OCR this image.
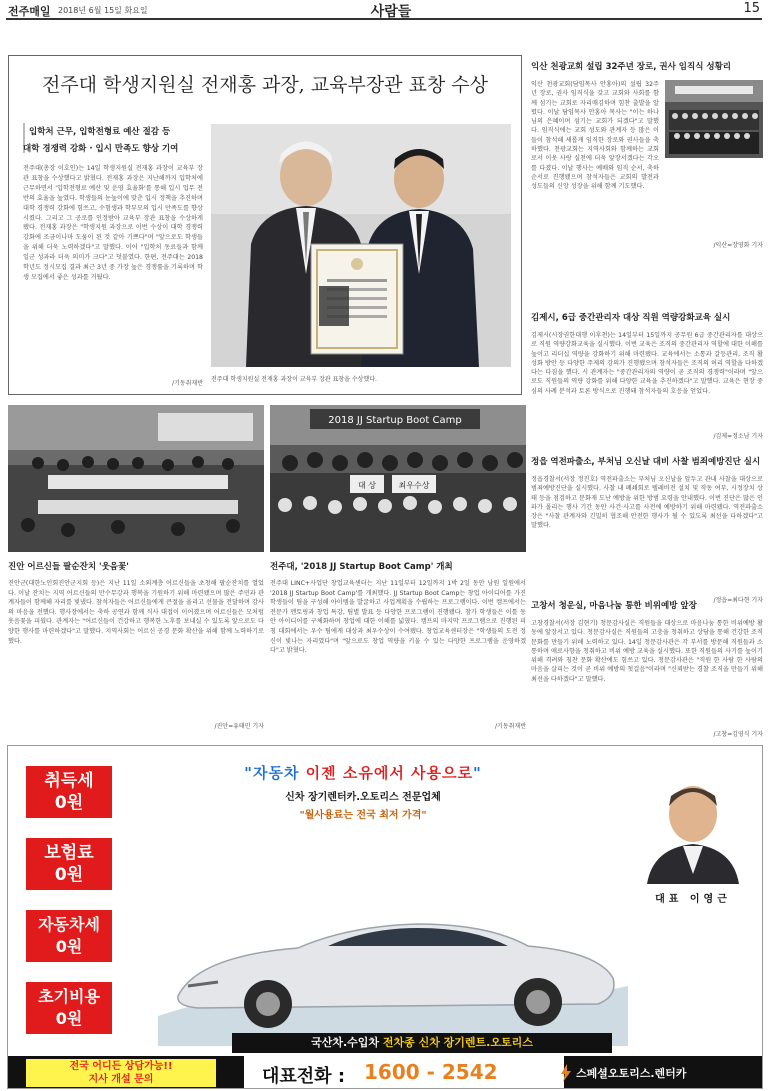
전주매일 2018년 6월 15일 화요일	사람들	15
전주대 학생지원실 전재홍 과장, 교육부장관 표창 수상
입학처 근무, 입학전형료 예산 절감 등
대학 경쟁력 강화 · 입시 만족도 향상 기여
전주대(총장 이호인)는 14일 학생지원실 전재홍 과장이 교육부 장관 표창을 수상했다고 밝혔다. 전재홍 과장은 지난해까지 입학처에 근무하면서 '입학전형료 예산 및 운영 효율화'를 통해 입시 업무 전반의 효율을 높였다. 학생들의 눈높이에 맞춘 입시 정책을 추진하며 대학 경쟁력 강화에 힘쓰고, 수험생과 학부모의 입시 만족도를 향상시켰다. 그리고 그 공로를 인정받아 교육부 장관 표창을 수상하게 됐다. 전재홍 과장은 "학생지원 과장으로 이번 수상이 대학 경쟁력 강화에 조금이나마 도움이 된 것 같아 기쁘다"며 "앞으로도 학생들을 위해 더욱 노력하겠다"고 말했다. 이어 "입학처 동료들과 함께 일군 성과라 더욱 의미가 크다"고 덧붙였다. 한편, 전주대는 2018학년도 정시모집 결과 최근 3년 중 가장 높은 경쟁률을 기록하며 학생 모집에서 좋은 성과를 거뒀다.
/기동취재반
전주대 학생지원실 전재홍 과장이 교육부 장관 표창을 수상했다.
익산 천광교회 설립 32주년 장로, 권사 임직식 성황리
익산 천광교회(담임목사 안홍아)의 설립 32주년 장로, 권사 임직식을 갖고 교회와 사회를 함께 섬기는 교회로 자리매김하며 힘찬 출발을 알렸다. 이날 담임목사 안홍아 목사는 "이는 하나님의 은혜이며 섬기는 교회가 되겠다"고 말했다. 임직식에는 교회 성도와 관계자 등 많은 이들이 참석해 새롭게 임직한 장로와 권사들을 축하했다. 천광교회는 지역사회와 함께하는 교회로서 이웃 사랑 실천에 더욱 앞장서겠다는 각오를 다졌다. 이날 행사는 예배와 임직 순서, 축하 순서로 진행됐으며 참석자들은 교회의 발전과 성도들의 신앙 성장을 위해 함께 기도했다.
/익산=장영화 기자
김제시, 6급 중간관리자 대상 직원 역량강화교육 실시
김제시(시장권한대행 이후천)는 14일부터 15일까지 공무원 6급 중간관리자를 대상으로 직원 역량강화교육을 실시했다. 이번 교육은 조직의 중간관리자 역할에 대한 이해를 높이고 리더십 역량을 강화하기 위해 마련됐다. 교육에서는 소통과 갈등관리, 조직 활성화 방안 등 다양한 주제의 강의가 진행됐으며 참석자들은 조직의 허리 역할을 다하겠다는 다짐을 했다. 시 관계자는 "중간관리자의 역량이 곧 조직의 경쟁력"이라며 "앞으로도 직원들의 역량 강화를 위해 다양한 교육을 추진하겠다"고 말했다. 교육은 현장 중심의 사례 분석과 토론 방식으로 진행돼 참석자들의 호응을 얻었다.
/김제=정소남 기자
정읍 역전파출소, 부처님 오신날 대비 사찰 범죄예방진단 실시
정읍경찰서(서장 정진호) 역전파출소는 부처님 오신날을 앞두고 관내 사찰을 대상으로 범죄예방진단을 실시했다. 사찰 내 폐쇄회로 텔레비전 설치 및 작동 여부, 시정장치 상태 등을 점검하고 문화재 도난 예방을 위한 방범 요령을 안내했다. 이번 진단은 많은 인파가 몰리는 행사 기간 동안 사건·사고를 사전에 예방하기 위해 마련됐다. 역전파출소장은 "사찰 관계자와 긴밀히 협조해 안전한 행사가 될 수 있도록 최선을 다하겠다"고 말했다.
/정읍=최다현 기자
고창서 청운실, 마음나눔 통한 비위예방 앞장
고창경찰서(서장 김현기) 청문감사실은 직원들을 대상으로 마음나눔 통한 비위예방 활동에 앞장서고 있다. 청문감사실은 직원들의 고충을 청취하고 상담을 통해 건강한 조직 문화를 만들기 위해 노력하고 있다. 14일 청문감사관은 각 부서를 방문해 직원들과 소통하며 애로사항을 청취하고 비위 예방 교육을 실시했다. 또한 직원들의 사기를 높이기 위해 격려와 칭찬 문화 확산에도 힘쓰고 있다. 청문감사관은 "직원 한 사람 한 사람의 마음을 살피는 것이 곧 비위 예방의 첫걸음"이라며 "신뢰받는 경찰 조직을 만들기 위해 최선을 다하겠다"고 말했다.
/고창=김영식 기자
진안 어르신들 팔순잔치 '웃음꽃'
진안군(대한노인회진안군지회 등)은 지난 11일 소외계층 어르신들을 초청해 팔순잔치를 열었다. 이날 잔치는 지역 어르신들의 만수무강과 행복을 기원하기 위해 마련됐으며 많은 주민과 관계자들이 함께해 자리를 빛냈다. 참석자들은 어르신들에게 큰절을 올리고 선물을 전달하며 감사의 마음을 전했다. 행사장에서는 축하 공연과 함께 식사 대접이 이어졌으며 어르신들은 모처럼 웃음꽃을 피웠다. 관계자는 "어르신들이 건강하고 행복한 노후를 보내실 수 있도록 앞으로도 다양한 행사를 마련하겠다"고 말했다. 지역사회는 어르신 공경 문화 확산을 위해 함께 노력하기로 했다.
/진안=유태민 기자
2018 JJ Startup Boot Camp
대 상	최우수상
전주대, '2018 JJ Startup Boot Camp' 개최
전주대 LINC+사업단 창업교육센터는 지난 11일부터 12일까지 1박 2일 동안 남원 일원에서 '2018 JJ Startup Boot Camp'를 개최했다. JJ Startup Boot Camp는 창업 아이디어를 가진 학생들이 팀을 구성해 아이템을 발굴하고 사업계획을 수립하는 프로그램이다. 이번 캠프에서는 전문가 멘토링과 창업 특강, 팀별 발표 등 다양한 프로그램이 진행됐다. 참가 학생들은 이틀 동안 아이디어를 구체화하며 창업에 대한 이해를 넓혔다. 캠프의 마지막 프로그램으로 진행된 피칭 대회에서는 우수 팀에게 대상과 최우수상이 수여됐다. 창업교육센터장은 "학생들의 도전 정신이 빛나는 자리였다"며 "앞으로도 창업 역량을 키울 수 있는 다양한 프로그램을 운영하겠다"고 밝혔다.
/기동취재반
취득세
0원
보험료
0원
자동차세
0원
초기비용
0원
"자동차 이젠 소유에서 사용으로"
신차 장기렌터카.오토리스 전문업체
"월사용료는 전국 최저 가격"
대표 이영근
국산차.수입차 전차종 신차 장기렌트.오토리스
전국 어디든 상담가능!!
지사 개설 문의	대표전화 : 1600 - 2542	스페셜오토리스.렌터카
